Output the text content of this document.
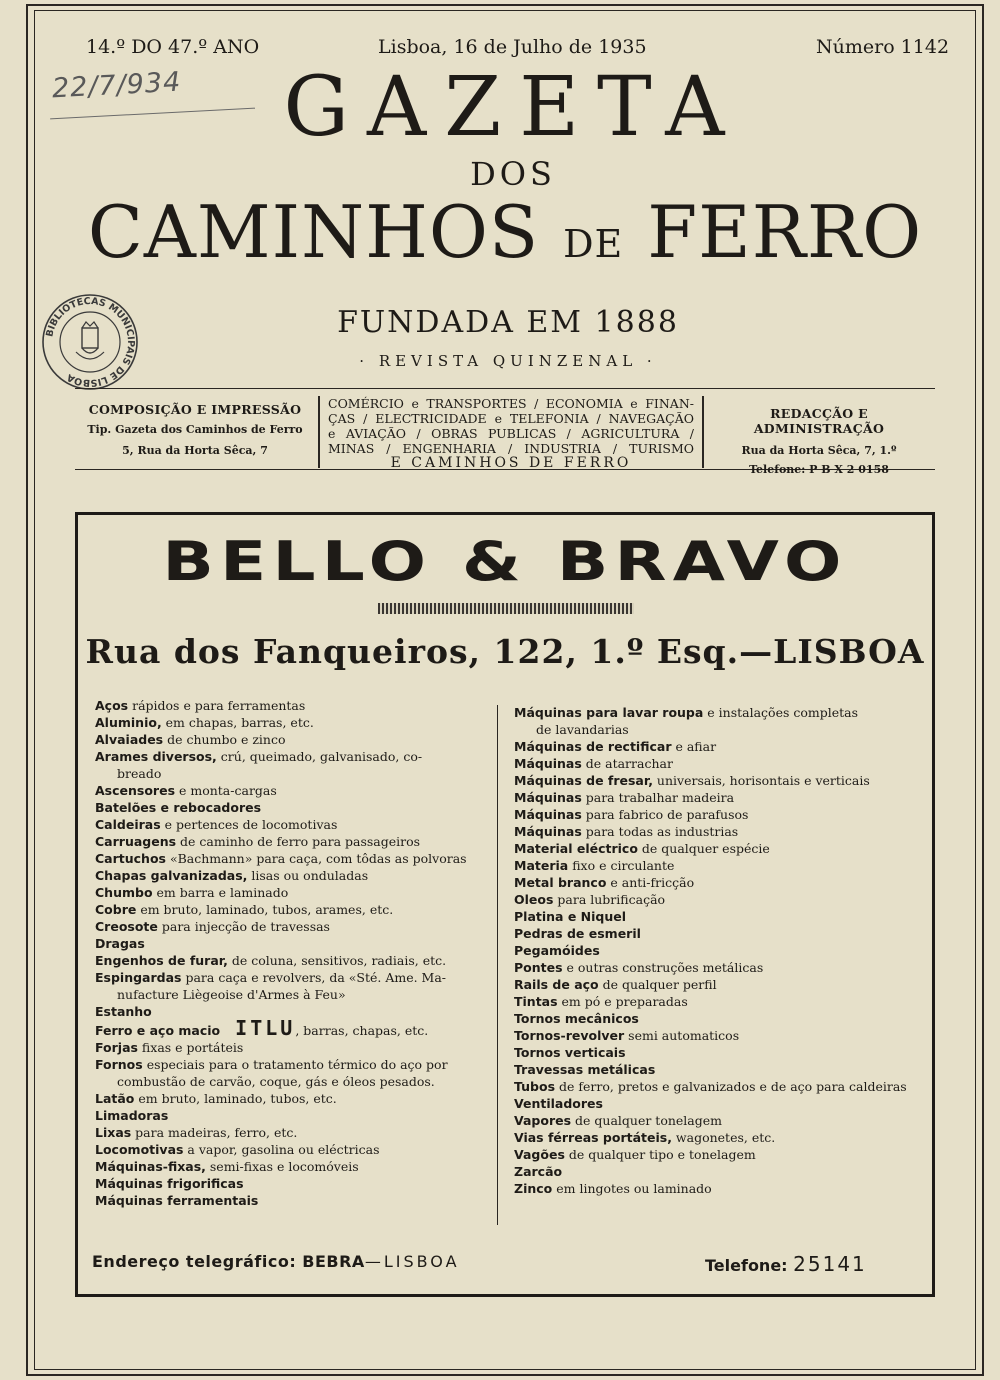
14.º DO 47.º ANO	Lisboa, 16 de Julho de 1935	Número 1142
22/7/934	GAZETA
DOS
CAMINHOS DE FERRO
FUNDADA EM 1888
· REVISTA QUINZENAL ·
BIBLIOTECAS MUNICIPAIS DE LISBOA
COMPOSIÇÃO E IMPRESSÃO
Tip. Gazeta dos Caminhos de Ferro
5, Rua da Horta Sêca, 7
COMÉRCIO e TRANSPORTES / ECONOMIA e FINAN-
ÇAS / ELECTRICIDADE e TELEFONIA / NAVEGAÇÃO
e AVIAÇÃO / OBRAS PUBLICAS / AGRICULTURA /
MINAS / ENGENHARIA / INDUSTRIA / TURISMO
E CAMINHOS DE FERRO
REDACÇÃO E ADMINISTRAÇÃO
Rua da Horta Sêca, 7, 1.º
Telefone: P B X 2 0158
BELLO & BRAVO
Rua dos Fanqueiros, 122, 1.º Esq.—LISBOA
Aços rápidos e para ferramentas
Aluminio, em chapas, barras, etc.
Alvaiades de chumbo e zinco
Arames diversos, crú, queimado, galvanisado, co-
breado
Ascensores e monta-cargas
Batelões e rebocadores
Caldeiras e pertences de locomotivas
Carruagens de caminho de ferro para passageiros
Cartuchos «Bachmann» para caça, com tôdas as polvoras
Chapas galvanizadas, lisas ou onduladas
Chumbo em barra e laminado
Cobre em bruto, laminado, tubos, arames, etc.
Creosote para injecção de travessas
Dragas
Engenhos de furar, de coluna, sensitivos, radiais, etc.
Espingardas para caça e revolvers, da «Sté. Ame. Ma-
nufacture Liègeoise d'Armes à Feu»
Estanho
Ferro e aço macio ITLU, barras, chapas, etc.
Forjas fixas e portáteis
Fornos especiais para o tratamento térmico do aço por
combustão de carvão, coque, gás e óleos pesados.
Latão em bruto, laminado, tubos, etc.
Limadoras
Lixas para madeiras, ferro, etc.
Locomotivas a vapor, gasolina ou eléctricas
Máquinas-fixas, semi-fixas e locomóveis
Máquinas frigorificas
Máquinas ferramentais
Máquinas para lavar roupa e instalações completas
de lavandarias
Máquinas de rectificar e afiar
Máquinas de atarrachar
Máquinas de fresar, universais, horisontais e verticais
Máquinas para trabalhar madeira
Máquinas para fabrico de parafusos
Máquinas para todas as industrias
Material eléctrico de qualquer espécie
Materia fixo e circulante
Metal branco e anti-fricção
Oleos para lubrificação
Platina e Niquel
Pedras de esmeril
Pegamóides
Pontes e outras construções metálicas
Rails de aço de qualquer perfil
Tintas em pó e preparadas
Tornos mecânicos
Tornos-revolver semi automaticos
Tornos verticais
Travessas metálicas
Tubos de ferro, pretos e galvanizados e de aço para caldeiras
Ventiladores
Vapores de qualquer tonelagem
Vias férreas portáteis, wagonetes, etc.
Vagões de qualquer tipo e tonelagem
Zarcão
Zinco em lingotes ou laminado
Endereço telegráfico: BEBRA—LISBOA	Telefone: 25141
